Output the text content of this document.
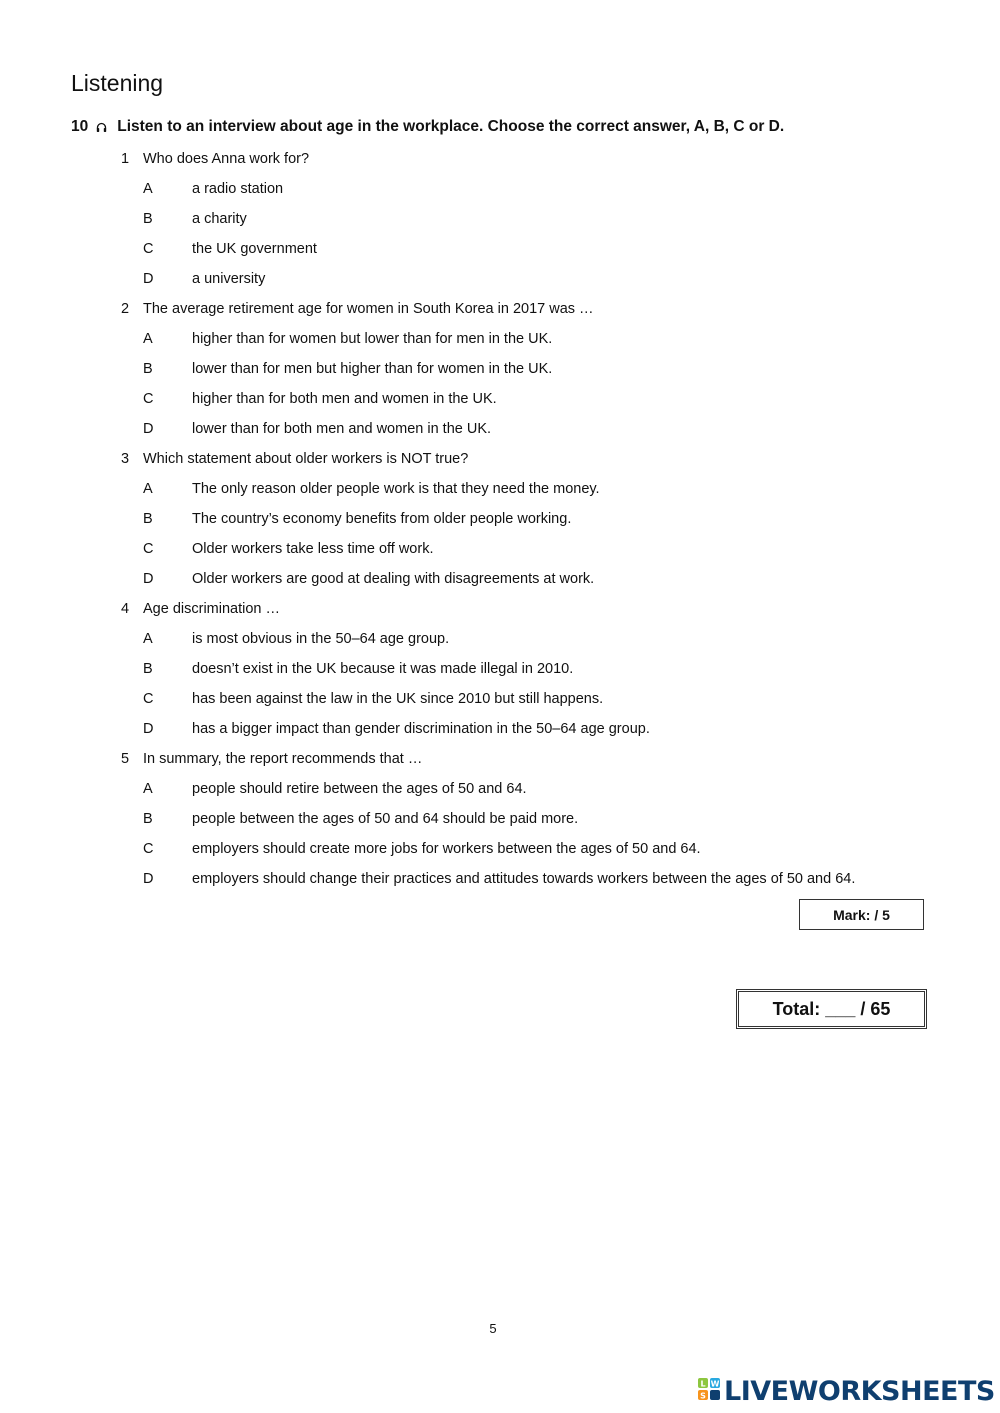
Listening
10 Listen to an interview about age in the workplace. Choose the correct answer, A, B, C or D.
1 Who does Anna work for?
A	a radio station
B	a charity
C	the UK government
D	a university
2 The average retirement age for women in South Korea in 2017 was …
A	higher than for women but lower than for men in the UK.
B	lower than for men but higher than for women in the UK.
C	higher than for both men and women in the UK.
D	lower than for both men and women in the UK.
3 Which statement about older workers is NOT true?
A	The only reason older people work is that they need the money.
B	The country’s economy benefits from older people working.
C	Older workers take less time off work.
D	Older workers are good at dealing with disagreements at work.
4 Age discrimination …
A	is most obvious in the 50–64 age group.
B	doesn’t exist in the UK because it was made illegal in 2010.
C	has been against the law in the UK since 2010 but still happens.
D	has a bigger impact than gender discrimination in the 50–64 age group.
5 In summary, the report recommends that …
A	people should retire between the ages of 50 and 64.
B	people between the ages of 50 and 64 should be paid more.
C	employers should create more jobs for workers between the ages of 50 and 64.
D	employers should change their practices and attitudes towards workers between the ages of 50 and 64.
Mark: / 5
Total: ___ / 65
5
L W
S LIVEWORKSHEETS
